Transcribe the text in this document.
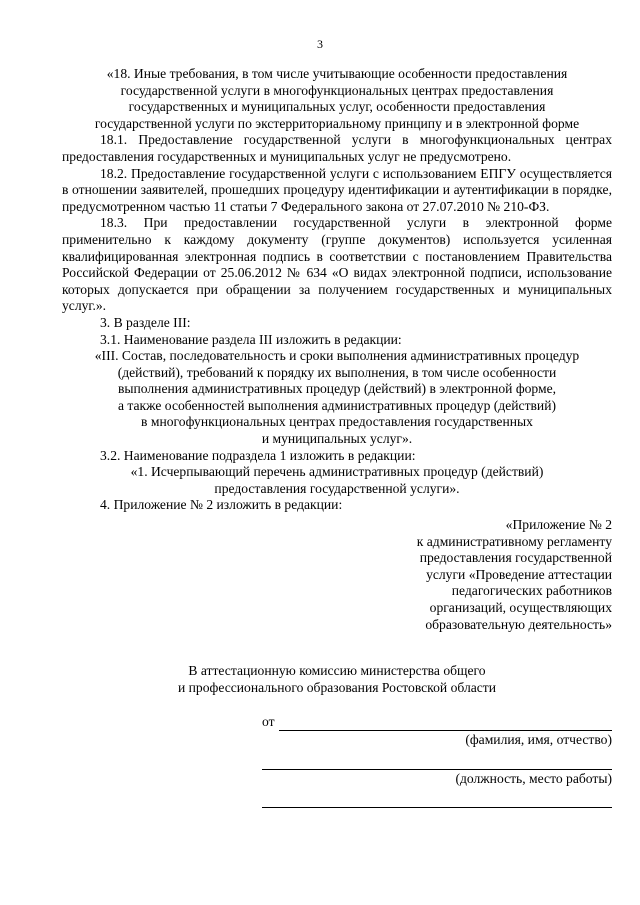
3

«18. Иные требования, в том числе учитывающие особенности предоставления

государственной услуги в многофункциональных центрах предоставления

государственных и муниципальных услуг, особенности предоставления

государственной услуги по экстерриториальному принципу и в электронной форме

18.1. Предоставление государственной услуги в многофункциональных центрах предоставления государственных и муниципальных услуг не предусмотрено.

18.2. Предоставление государственной услуги с использованием ЕПГУ осуществляется в отношении заявителей, прошедших процедуру идентификации и аутентификации в порядке, предусмотренном частью 11 статьи 7 Федерального закона от 27.07.2010 № 210-ФЗ.

18.3. При предоставлении государственной услуги в электронной форме применительно к каждому документу (группе документов) используется усиленная квалифицированная электронная подпись в соответствии с постановлением Правительства Российской Федерации от 25.06.2012 № 634 «О видах электронной подписи, использование которых допускается при обращении за получением государственных и муниципальных услуг.».

3. В разделе III:

3.1. Наименование раздела III изложить в редакции:

«III. Состав, последовательность и сроки выполнения административных процедур

(действий), требований к порядку их выполнения, в том числе особенности

выполнения административных процедур (действий) в электронной форме,

а также особенностей выполнения административных процедур (действий)

в многофункциональных центрах предоставления государственных

и муниципальных услуг».

3.2. Наименование подраздела 1 изложить в редакции:

«1. Исчерпывающий перечень административных процедур (действий)

предоставления государственной услуги».

4. Приложение № 2 изложить в редакции:

«Приложение № 2

к административному регламенту

предоставления государственной

услуги «Проведение аттестации

педагогических работников

организаций, осуществляющих

образовательную деятельность»

В аттестационную комиссию министерства общего

и профессионального образования Ростовской области

от

(фамилия, имя, отчество)

(должность, место работы)
